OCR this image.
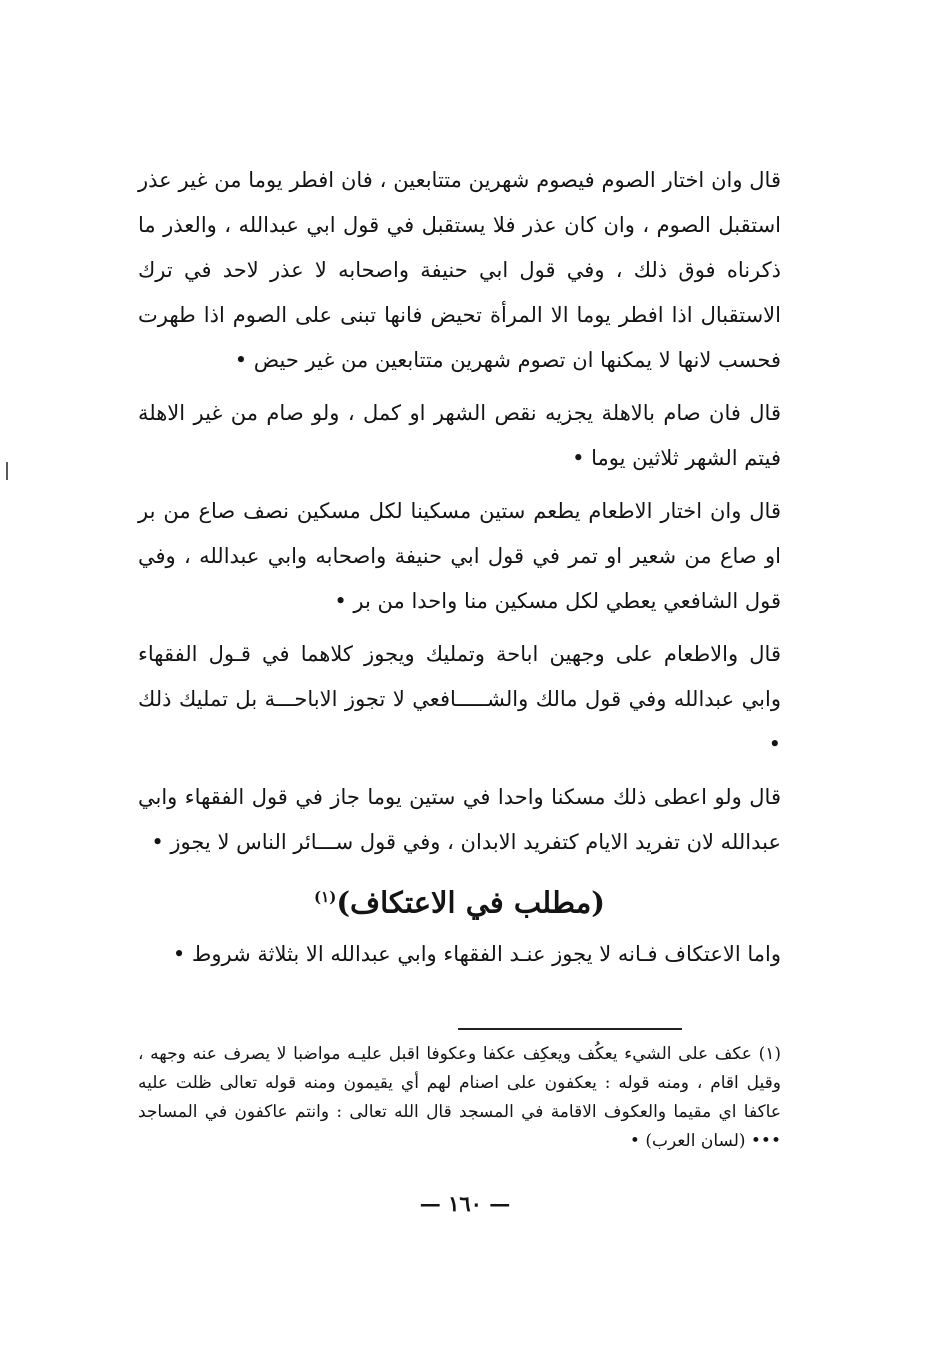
قال وان اختار الصوم فيصوم شهرين متتابعين ، فان افطر يوما من غير عذر استقبل الصوم ، وان كان عذر فلا يستقبل في قول ابي عبدالله ، والعذر ما ذكرناه فوق ذلك ، وفي قول ابي حنيفة واصحابه لا عذر لاحد في ترك الاستقبال اذا افطر يوما الا المرأة تحيض فانها تبنى على الصوم اذا طهرت فحسب لانها لا يمكنها ان تصوم شهرين متتابعين من غير حيض •

قال فان صام بالاهلة يجزيه نقص الشهر او كمل ، ولو صام من غير الاهلة فيتم الشهر ثلاثين يوما •

قال وان اختار الاطعام يطعم ستين مسكينا لكل مسكين نصف صاع من بر او صاع من شعير او تمر في قول ابي حنيفة واصحابه وابي عبدالله ، وفي قول الشافعي يعطي لكل مسكين منا واحدا من بر •

قال والاطعام على وجهين اباحة وتمليك ويجوز كلاهما في قـول الفقهاء وابي عبدالله وفي قول مالك والشـــــافعي لا تجوز الاباحـــة بل تمليك ذلك •

قال ولو اعطى ذلك مسكنا واحدا في ستين يوما جاز في قول الفقهاء وابي عبدالله لان تفريد الايام كتفريد الابدان ، وفي قول ســـائر الناس لا يجوز •

(مطلب في الاعتكاف)$^{(١)}$

واما الاعتكاف فـانه لا يجوز عنـد الفقهاء وابي عبدالله الا بثلاثة شروط •

(١) عكف على الشيء يعكُف ويعكِف عكفا وعكوفا اقبل عليـه مواضبا لا يصرف عنه وجهه ، وقيل اقام ، ومنه قوله : يعكفون على اصنام لهم أي يقيمون ومنه قوله تعالى ظلت عليه عاكفا اي مقيما والعكوف الاقامة في المسجد قال الله تعالى : وانتم عاكفون في المساجد ••• (لسان العرب) •

— ١٦٠ —
